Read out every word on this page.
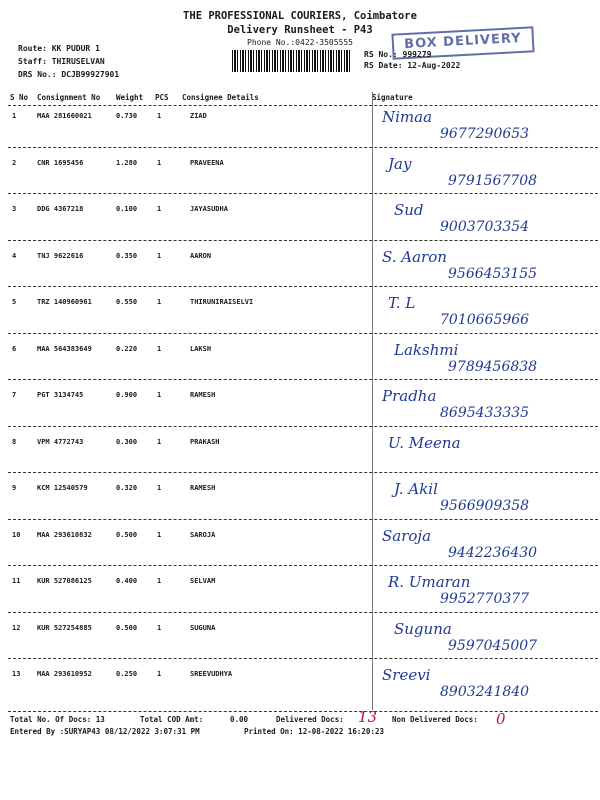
THE PROFESSIONAL COURIERS, Coimbatore
Delivery Runsheet - P43
Phone No.:0422-3505555	BOX DELIVERY
Route: KK PUDUR 1
Staff: THIRUSELVAN
DRS No.: DCJB99927901
RS No.: 999279
RS Date: 12-Aug-2022
S No Consignment No Weight PCS Consignee Details	Signature
1	MAA 281660021	0.730	1	ZIAD	Nimaa
9677290653
2	CNR 1695456	1.280	1	PRAVEENA	Jay
9791567708
3	DDG 4367218	0.100	1	JAYASUDHA	Sud
9003703354
4	TNJ 9622616	0.350	1	AARON	S. Aaron
9566453155
5	TRZ 140960961	0.550	1	THIRUNIRAISELVI	T. L
7010665966
6	MAA 564383649	0.220	1	LAKSH	Lakshmi
9789456838
7	PGT 3134745	0.900	1	RAMESH	Pradha
8695433335
8	VPM 4772743	0.300	1	PRAKASH	U. Meena
9	KCM 12540579	0.320	1	RAMESH	J. Akil
9566909358
10 MAA 293610832	0.500	1	SAROJA	Saroja
9442236430
11 KUR 527086125	0.400	1	SELVAM	R. Umaran
9952770377
12 KUR 527254885	0.500	1	SUGUNA	Suguna
9597045007
13 MAA 293610952	0.250	1	SREEVUDHYA	Sreevi
8903241840
Total No. Of Docs: 13	Total COD Amt:	0.00	Delivered Docs: 13 Non Delivered Docs: 0
Entered By :SURYAP43 08/12/2022 3:07:31 PM	Printed On: 12-08-2022 16:20:23
